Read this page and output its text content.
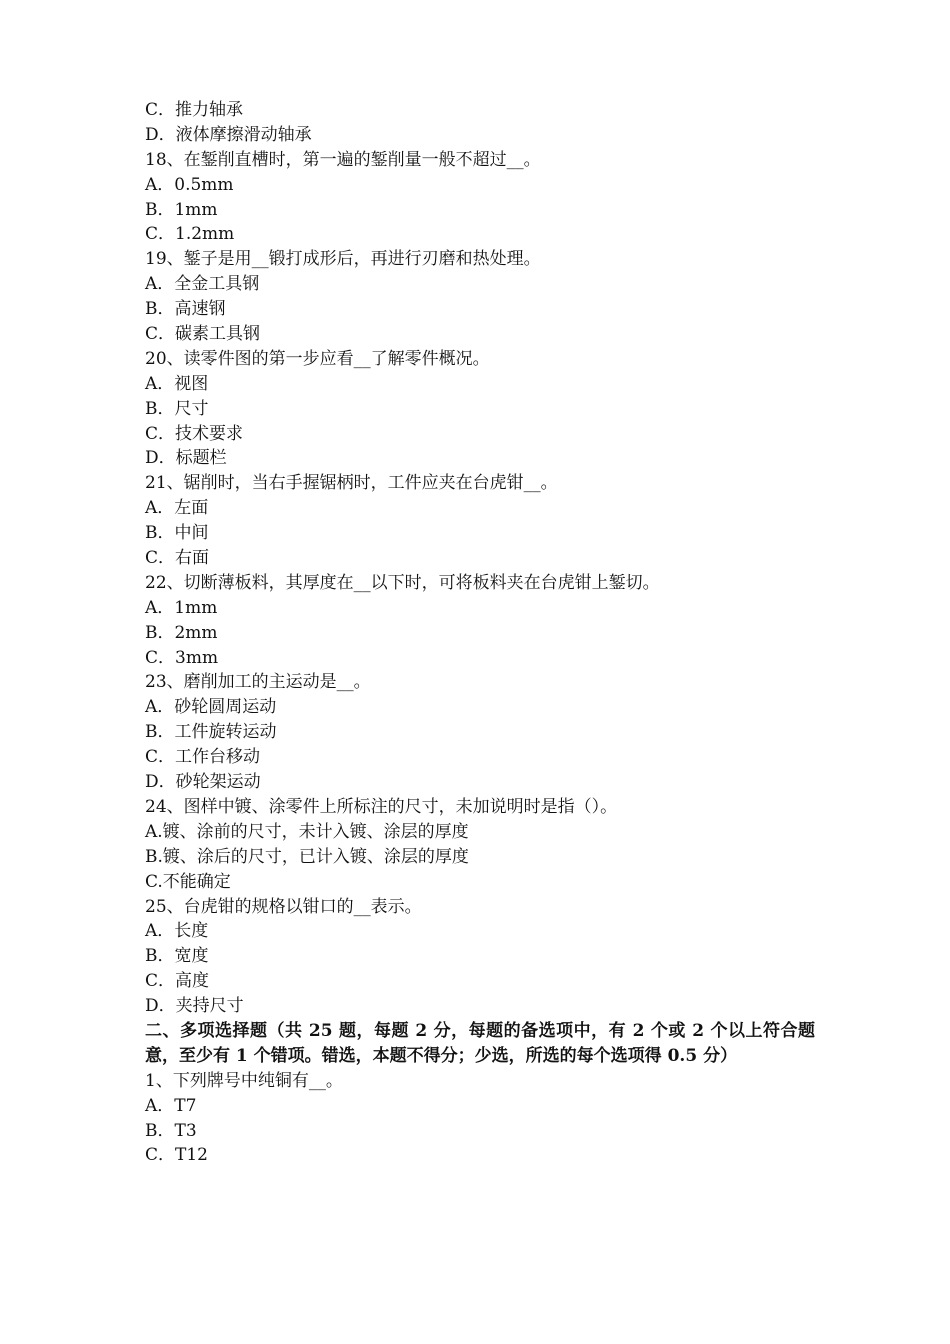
C．推力轴承
D．液体摩擦滑动轴承
18、在錾削直槽时，第一遍的錾削量一般不超过__。
A．0.5mm
B．1mm
C．1.2mm
19、錾子是用__锻打成形后，再进行刃磨和热处理。
A．全金工具钢
B．高速钢
C．碳素工具钢
20、读零件图的第一步应看__了解零件概况。
A．视图
B．尺寸
C．技术要求
D．标题栏
21、锯削时，当右手握锯柄时，工件应夹在台虎钳__。
A．左面
B．中间
C．右面
22、切断薄板料，其厚度在__以下时，可将板料夹在台虎钳上錾切。
A．1mm
B．2mm
C．3mm
23、磨削加工的主运动是__。
A．砂轮圆周运动
B．工件旋转运动
C．工作台移动
D．砂轮架运动
24、图样中镀、涂零件上所标注的尺寸，未加说明时是指（）。
A.镀、涂前的尺寸，未计入镀、涂层的厚度
B.镀、涂后的尺寸，已计入镀、涂层的厚度
C.不能确定
25、台虎钳的规格以钳口的__表示。
A．长度
B．宽度
C．高度
D．夹持尺寸

二、多项选择题（共 25 题，每题 2 分，每题的备选项中，有 2 个或 2 个以上符合题意，至少有 1 个错项。错选，本题不得分；少选，所选的每个选项得 0.5 分）

1、下列牌号中纯铜有__。
A．T7
B．T3
C．T12
